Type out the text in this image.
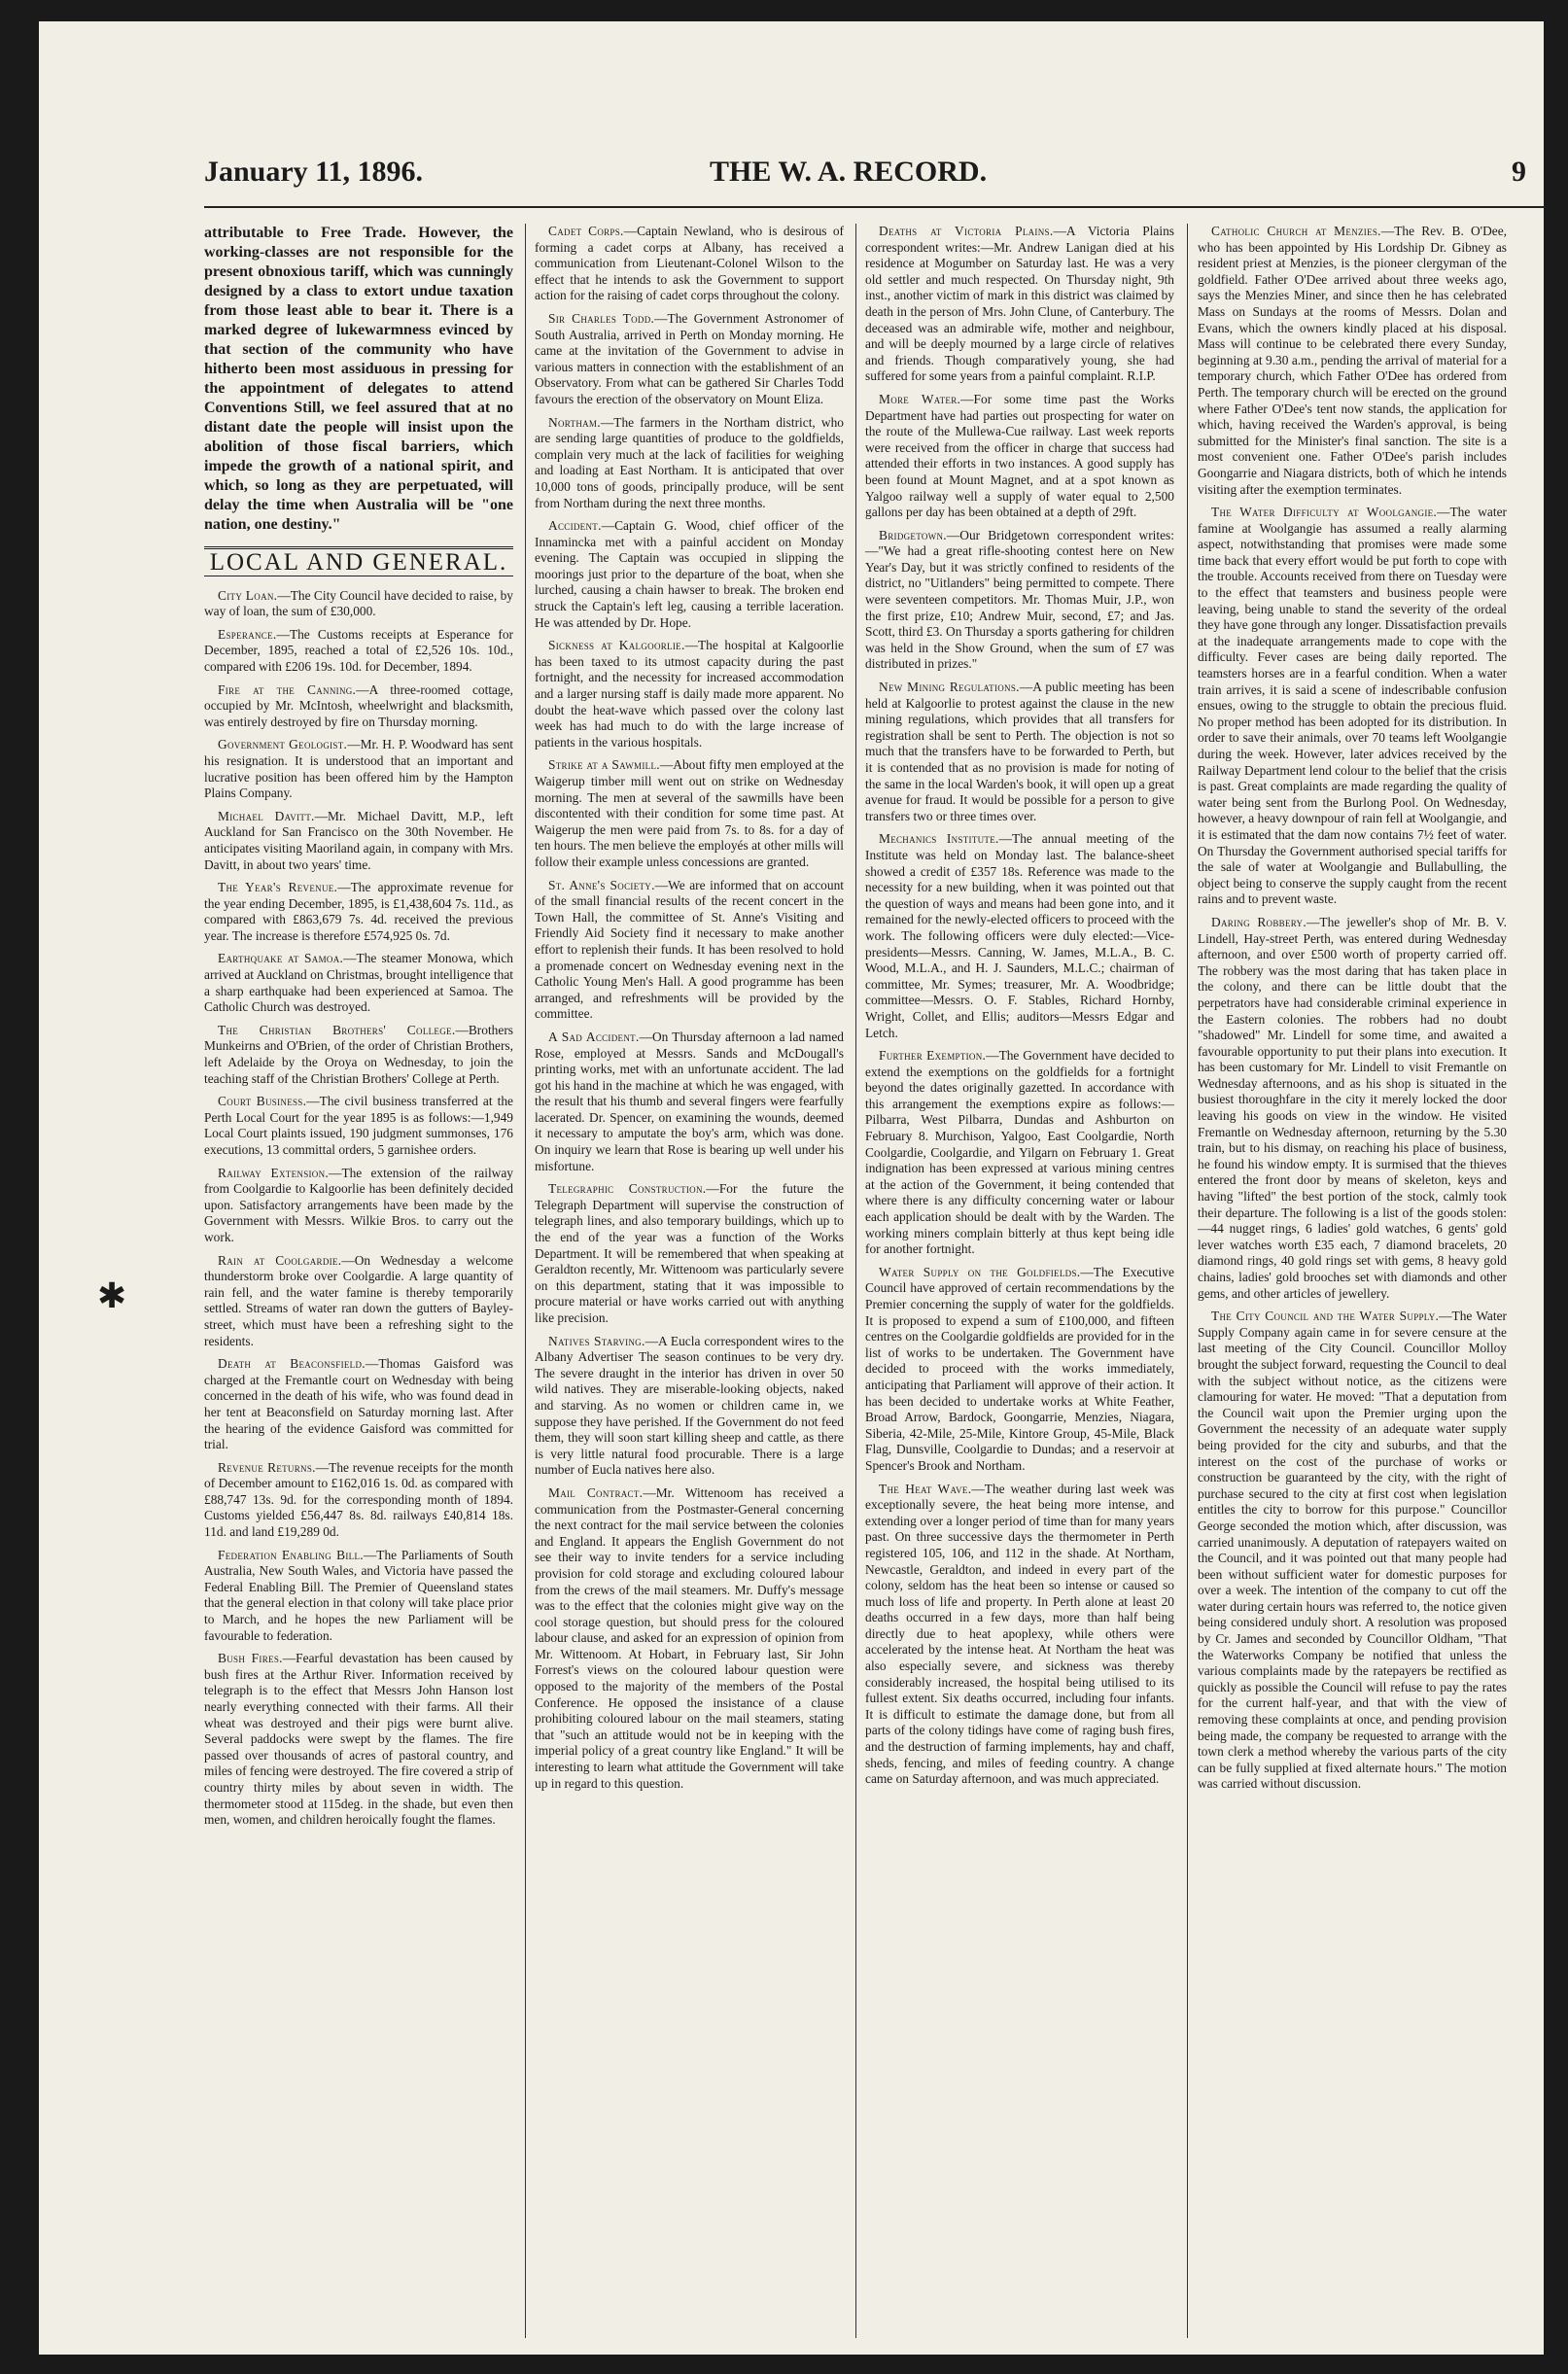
January 11, 1896.	THE W. A. RECORD.	9
✱

attributable to Free Trade. However, the working-classes are not responsible for the present obnoxious tariff, which was cunningly designed by a class to extort undue taxation from those least able to bear it. There is a marked degree of lukewarmness evinced by that section of the community who have hitherto been most assiduous in pressing for the appointment of delegates to attend Conventions Still, we feel assured that at no distant date the people will insist upon the abolition of those fiscal barriers, which impede the growth of a national spirit, and which, so long as they are perpetuated, will delay the time when Australia will be "one nation, one destiny."

LOCAL AND GENERAL.

City Loan.—The City Council have decided to raise, by way of loan, the sum of £30,000.

Esperance.—The Customs receipts at Esperance for December, 1895, reached a total of £2,526 10s. 10d., compared with £206 19s. 10d. for December, 1894.

Fire at the Canning.—A three-roomed cottage, occupied by Mr. McIntosh, wheelwright and blacksmith, was entirely destroyed by fire on Thursday morning.

Government Geologist.—Mr. H. P. Woodward has sent his resignation. It is understood that an important and lucrative position has been offered him by the Hampton Plains Company.

Michael Davitt.—Mr. Michael Davitt, M.P., left Auckland for San Francisco on the 30th November. He anticipates visiting Maoriland again, in company with Mrs. Davitt, in about two years' time.

The Year's Revenue.—The approximate revenue for the year ending December, 1895, is £1,438,604 7s. 11d., as compared with £863,679 7s. 4d. received the previous year. The increase is therefore £574,925 0s. 7d.

Earthquake at Samoa.—The steamer Monowa, which arrived at Auckland on Christmas, brought intelligence that a sharp earthquake had been experienced at Samoa. The Catholic Church was destroyed.

The Christian Brothers' College.—Brothers Munkeirns and O'Brien, of the order of Christian Brothers, left Adelaide by the Oroya on Wednesday, to join the teaching staff of the Christian Brothers' College at Perth.

Court Business.—The civil business transferred at the Perth Local Court for the year 1895 is as follows:—1,949 Local Court plaints issued, 190 judgment summonses, 176 executions, 13 committal orders, 5 garnishee orders.

Railway Extension.—The extension of the railway from Coolgardie to Kalgoorlie has been definitely decided upon. Satisfactory arrangements have been made by the Government with Messrs. Wilkie Bros. to carry out the work.

Rain at Coolgardie.—On Wednesday a welcome thunderstorm broke over Coolgardie. A large quantity of rain fell, and the water famine is thereby temporarily settled. Streams of water ran down the gutters of Bayley-street, which must have been a refreshing sight to the residents.

Death at Beaconsfield.—Thomas Gaisford was charged at the Fremantle court on Wednesday with being concerned in the death of his wife, who was found dead in her tent at Beaconsfield on Saturday morning last. After the hearing of the evidence Gaisford was committed for trial.

Revenue Returns.—The revenue receipts for the month of December amount to £162,016 1s. 0d. as compared with £88,747 13s. 9d. for the corresponding month of 1894. Customs yielded £56,447 8s. 8d. railways £40,814 18s. 11d. and land £19,289 0d.

Federation Enabling Bill.—The Parliaments of South Australia, New South Wales, and Victoria have passed the Federal Enabling Bill. The Premier of Queensland states that the general election in that colony will take place prior to March, and he hopes the new Parliament will be favourable to federation.

Bush Fires.—Fearful devastation has been caused by bush fires at the Arthur River. Information received by telegraph is to the effect that Messrs John Hanson lost nearly everything connected with their farms. All their wheat was destroyed and their pigs were burnt alive. Several paddocks were swept by the flames. The fire passed over thousands of acres of pastoral country, and miles of fencing were destroyed. The fire covered a strip of country thirty miles by about seven in width. The thermometer stood at 115deg. in the shade, but even then men, women, and children heroically fought the flames.

Cadet Corps.—Captain Newland, who is desirous of forming a cadet corps at Albany, has received a communication from Lieutenant-Colonel Wilson to the effect that he intends to ask the Government to support action for the raising of cadet corps throughout the colony.

Sir Charles Todd.—The Government Astronomer of South Australia, arrived in Perth on Monday morning. He came at the invitation of the Government to advise in various matters in connection with the establishment of an Observatory. From what can be gathered Sir Charles Todd favours the erection of the observatory on Mount Eliza.

Northam.—The farmers in the Northam district, who are sending large quantities of produce to the goldfields, complain very much at the lack of facilities for weighing and loading at East Northam. It is anticipated that over 10,000 tons of goods, principally produce, will be sent from Northam during the next three months.

Accident.—Captain G. Wood, chief officer of the Innamincka met with a painful accident on Monday evening. The Captain was occupied in slipping the moorings just prior to the departure of the boat, when she lurched, causing a chain hawser to break. The broken end struck the Captain's left leg, causing a terrible laceration. He was attended by Dr. Hope.

Sickness at Kalgoorlie.—The hospital at Kalgoorlie has been taxed to its utmost capacity during the past fortnight, and the necessity for increased accommodation and a larger nursing staff is daily made more apparent. No doubt the heat-wave which passed over the colony last week has had much to do with the large increase of patients in the various hospitals.

Strike at a Sawmill.—About fifty men employed at the Waigerup timber mill went out on strike on Wednesday morning. The men at several of the sawmills have been discontented with their condition for some time past. At Waigerup the men were paid from 7s. to 8s. for a day of ten hours. The men believe the employés at other mills will follow their example unless concessions are granted.

St. Anne's Society.—We are informed that on account of the small financial results of the recent concert in the Town Hall, the committee of St. Anne's Visiting and Friendly Aid Society find it necessary to make another effort to replenish their funds. It has been resolved to hold a promenade concert on Wednesday evening next in the Catholic Young Men's Hall. A good programme has been arranged, and refreshments will be provided by the committee.

A Sad Accident.—On Thursday afternoon a lad named Rose, employed at Messrs. Sands and McDougall's printing works, met with an unfortunate accident. The lad got his hand in the machine at which he was engaged, with the result that his thumb and several fingers were fearfully lacerated. Dr. Spencer, on examining the wounds, deemed it necessary to amputate the boy's arm, which was done. On inquiry we learn that Rose is bearing up well under his misfortune.

Telegraphic Construction.—For the future the Telegraph Department will supervise the construction of telegraph lines, and also temporary buildings, which up to the end of the year was a function of the Works Department. It will be remembered that when speaking at Geraldton recently, Mr. Wittenoom was particularly severe on this department, stating that it was impossible to procure material or have works carried out with anything like precision.

Natives Starving.—A Eucla correspondent wires to the Albany Advertiser The season continues to be very dry. The severe draught in the interior has driven in over 50 wild natives. They are miserable-looking objects, naked and starving. As no women or children came in, we suppose they have perished. If the Government do not feed them, they will soon start killing sheep and cattle, as there is very little natural food procurable. There is a large number of Eucla natives here also.

Mail Contract.—Mr. Wittenoom has received a communication from the Postmaster-General concerning the next contract for the mail service between the colonies and England. It appears the English Government do not see their way to invite tenders for a service including provision for cold storage and excluding coloured labour from the crews of the mail steamers. Mr. Duffy's message was to the effect that the colonies might give way on the cool storage question, but should press for the coloured labour clause, and asked for an expression of opinion from Mr. Wittenoom. At Hobart, in February last, Sir John Forrest's views on the coloured labour question were opposed to the majority of the members of the Postal Conference. He opposed the insistance of a clause prohibiting coloured labour on the mail steamers, stating that "such an attitude would not be in keeping with the imperial policy of a great country like England." It will be interesting to learn what attitude the Government will take up in regard to this question.

Deaths at Victoria Plains.—A Victoria Plains correspondent writes:—Mr. Andrew Lanigan died at his residence at Mogumber on Saturday last. He was a very old settler and much respected. On Thursday night, 9th inst., another victim of mark in this district was claimed by death in the person of Mrs. John Clune, of Canterbury. The deceased was an admirable wife, mother and neighbour, and will be deeply mourned by a large circle of relatives and friends. Though comparatively young, she had suffered for some years from a painful complaint. R.I.P.

More Water.—For some time past the Works Department have had parties out prospecting for water on the route of the Mullewa-Cue railway. Last week reports were received from the officer in charge that success had attended their efforts in two instances. A good supply has been found at Mount Magnet, and at a spot known as Yalgoo railway well a supply of water equal to 2,500 gallons per day has been obtained at a depth of 29ft.

Bridgetown.—Our Bridgetown correspondent writes:—"We had a great rifle-shooting contest here on New Year's Day, but it was strictly confined to residents of the district, no "Uitlanders" being permitted to compete. There were seventeen competitors. Mr. Thomas Muir, J.P., won the first prize, £10; Andrew Muir, second, £7; and Jas. Scott, third £3. On Thursday a sports gathering for children was held in the Show Ground, when the sum of £7 was distributed in prizes."

New Mining Regulations.—A public meeting has been held at Kalgoorlie to protest against the clause in the new mining regulations, which provides that all transfers for registration shall be sent to Perth. The objection is not so much that the transfers have to be forwarded to Perth, but it is contended that as no provision is made for noting of the same in the local Warden's book, it will open up a great avenue for fraud. It would be possible for a person to give transfers two or three times over.

Mechanics Institute.—The annual meeting of the Institute was held on Monday last. The balance-sheet showed a credit of £357 18s. Reference was made to the necessity for a new building, when it was pointed out that the question of ways and means had been gone into, and it remained for the newly-elected officers to proceed with the work. The following officers were duly elected:—Vice-presidents—Messrs. Canning, W. James, M.L.A., B. C. Wood, M.L.A., and H. J. Saunders, M.L.C.; chairman of committee, Mr. Symes; treasurer, Mr. A. Woodbridge; committee—Messrs. O. F. Stables, Richard Hornby, Wright, Collet, and Ellis; auditors—Messrs Edgar and Letch.

Further Exemption.—The Government have decided to extend the exemptions on the goldfields for a fortnight beyond the dates originally gazetted. In accordance with this arrangement the exemptions expire as follows:—Pilbarra, West Pilbarra, Dundas and Ashburton on February 8. Murchison, Yalgoo, East Coolgardie, North Coolgardie, Coolgardie, and Yilgarn on February 1. Great indignation has been expressed at various mining centres at the action of the Government, it being contended that where there is any difficulty concerning water or labour each application should be dealt with by the Warden. The working miners complain bitterly at thus kept being idle for another fortnight.

Water Supply on the Goldfields.—The Executive Council have approved of certain recommendations by the Premier concerning the supply of water for the goldfields. It is proposed to expend a sum of £100,000, and fifteen centres on the Coolgardie goldfields are provided for in the list of works to be undertaken. The Government have decided to proceed with the works immediately, anticipating that Parliament will approve of their action. It has been decided to undertake works at White Feather, Broad Arrow, Bardock, Goongarrie, Menzies, Niagara, Siberia, 42-Mile, 25-Mile, Kintore Group, 45-Mile, Black Flag, Dunsville, Coolgardie to Dundas; and a reservoir at Spencer's Brook and Northam.

The Heat Wave.—The weather during last week was exceptionally severe, the heat being more intense, and extending over a longer period of time than for many years past. On three successive days the thermometer in Perth registered 105, 106, and 112 in the shade. At Northam, Newcastle, Geraldton, and indeed in every part of the colony, seldom has the heat been so intense or caused so much loss of life and property. In Perth alone at least 20 deaths occurred in a few days, more than half being directly due to heat apoplexy, while others were accelerated by the intense heat. At Northam the heat was also especially severe, and sickness was thereby considerably increased, the hospital being utilised to its fullest extent. Six deaths occurred, including four infants. It is difficult to estimate the damage done, but from all parts of the colony tidings have come of raging bush fires, and the destruction of farming implements, hay and chaff, sheds, fencing, and miles of feeding country. A change came on Saturday afternoon, and was much appreciated.

Catholic Church at Menzies.—The Rev. B. O'Dee, who has been appointed by His Lordship Dr. Gibney as resident priest at Menzies, is the pioneer clergyman of the goldfield. Father O'Dee arrived about three weeks ago, says the Menzies Miner, and since then he has celebrated Mass on Sundays at the rooms of Messrs. Dolan and Evans, which the owners kindly placed at his disposal. Mass will continue to be celebrated there every Sunday, beginning at 9.30 a.m., pending the arrival of material for a temporary church, which Father O'Dee has ordered from Perth. The temporary church will be erected on the ground where Father O'Dee's tent now stands, the application for which, having received the Warden's approval, is being submitted for the Minister's final sanction. The site is a most convenient one. Father O'Dee's parish includes Goongarrie and Niagara districts, both of which he intends visiting after the exemption terminates.

The Water Difficulty at Woolgangie.—The water famine at Woolgangie has assumed a really alarming aspect, notwithstanding that promises were made some time back that every effort would be put forth to cope with the trouble. Accounts received from there on Tuesday were to the effect that teamsters and business people were leaving, being unable to stand the severity of the ordeal they have gone through any longer. Dissatisfaction prevails at the inadequate arrangements made to cope with the difficulty. Fever cases are being daily reported. The teamsters horses are in a fearful condition. When a water train arrives, it is said a scene of indescribable confusion ensues, owing to the struggle to obtain the precious fluid. No proper method has been adopted for its distribution. In order to save their animals, over 70 teams left Woolgangie during the week. However, later advices received by the Railway Department lend colour to the belief that the crisis is past. Great complaints are made regarding the quality of water being sent from the Burlong Pool. On Wednesday, however, a heavy downpour of rain fell at Woolgangie, and it is estimated that the dam now contains 7½ feet of water. On Thursday the Government authorised special tariffs for the sale of water at Woolgangie and Bullabulling, the object being to conserve the supply caught from the recent rains and to prevent waste.

Daring Robbery.—The jeweller's shop of Mr. B. V. Lindell, Hay-street Perth, was entered during Wednesday afternoon, and over £500 worth of property carried off. The robbery was the most daring that has taken place in the colony, and there can be little doubt that the perpetrators have had considerable criminal experience in the Eastern colonies. The robbers had no doubt "shadowed" Mr. Lindell for some time, and awaited a favourable opportunity to put their plans into execution. It has been customary for Mr. Lindell to visit Fremantle on Wednesday afternoons, and as his shop is situated in the busiest thoroughfare in the city it merely locked the door leaving his goods on view in the window. He visited Fremantle on Wednesday afternoon, returning by the 5.30 train, but to his dismay, on reaching his place of business, he found his window empty. It is surmised that the thieves entered the front door by means of skeleton, keys and having "lifted" the best portion of the stock, calmly took their departure. The following is a list of the goods stolen:—44 nugget rings, 6 ladies' gold watches, 6 gents' gold lever watches worth £35 each, 7 diamond bracelets, 20 diamond rings, 40 gold rings set with gems, 8 heavy gold chains, ladies' gold brooches set with diamonds and other gems, and other articles of jewellery.

The City Council and the Water Supply.—The Water Supply Company again came in for severe censure at the last meeting of the City Council. Councillor Molloy brought the subject forward, requesting the Council to deal with the subject without notice, as the citizens were clamouring for water. He moved: "That a deputation from the Council wait upon the Premier urging upon the Government the necessity of an adequate water supply being provided for the city and suburbs, and that the interest on the cost of the purchase of works or construction be guaranteed by the city, with the right of purchase secured to the city at first cost when legislation entitles the city to borrow for this purpose." Councillor George seconded the motion which, after discussion, was carried unanimously. A deputation of ratepayers waited on the Council, and it was pointed out that many people had been without sufficient water for domestic purposes for over a week. The intention of the company to cut off the water during certain hours was referred to, the notice given being considered unduly short. A resolution was proposed by Cr. James and seconded by Councillor Oldham, "That the Waterworks Company be notified that unless the various complaints made by the ratepayers be rectified as quickly as possible the Council will refuse to pay the rates for the current half-year, and that with the view of removing these complaints at once, and pending provision being made, the company be requested to arrange with the town clerk a method whereby the various parts of the city can be fully supplied at fixed alternate hours." The motion was carried without discussion.
